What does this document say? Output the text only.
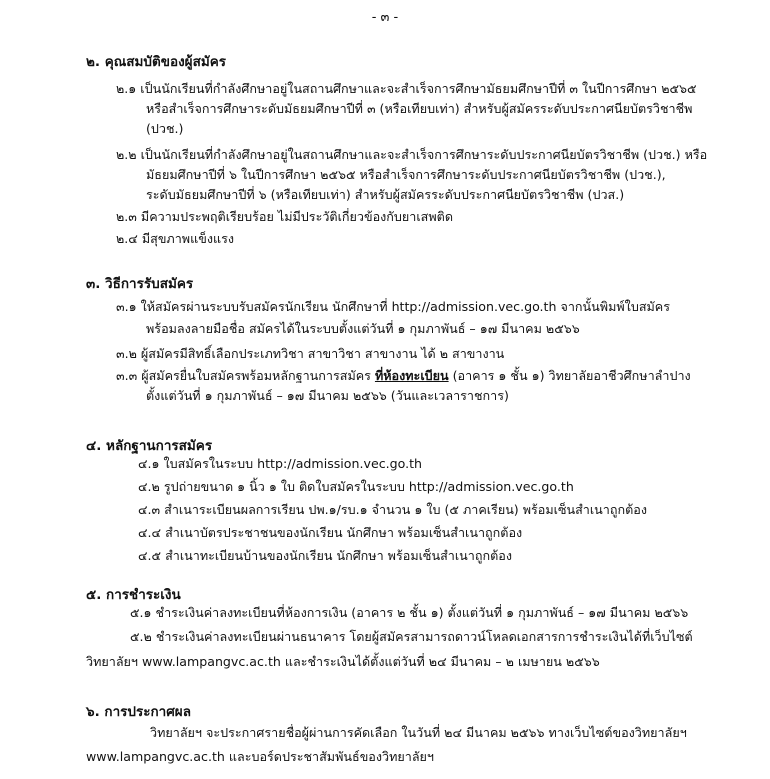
- ๓ -
๒. คุณสมบัติของผู้สมัคร
๒.๑ เป็นนักเรียนที่กำลังศึกษาอยู่ในสถานศึกษาและจะสำเร็จการศึกษามัธยมศึกษาปีที่ ๓ ในปีการศึกษา ๒๕๖๕
หรือสำเร็จการศึกษาระดับมัธยมศึกษาปีที่ ๓ (หรือเทียบเท่า) สำหรับผู้สมัครระดับประกาศนียบัตรวิชาชีพ
(ปวช.)
๒.๒ เป็นนักเรียนที่กำลังศึกษาอยู่ในสถานศึกษาและจะสำเร็จการศึกษาระดับประกาศนียบัตรวิชาชีพ (ปวช.) หรือ
มัธยมศึกษาปีที่ ๖ ในปีการศึกษา ๒๕๖๕ หรือสำเร็จการศึกษาระดับประกาศนียบัตรวิชาชีพ (ปวช.),
ระดับมัธยมศึกษาปีที่ ๖ (หรือเทียบเท่า) สำหรับผู้สมัครระดับประกาศนียบัตรวิชาชีพ (ปวส.)
๒.๓ มีความประพฤติเรียบร้อย ไม่มีประวัติเกี่ยวข้องกับยาเสพติด
๒.๔ มีสุขภาพแข็งแรง
๓. วิธีการรับสมัคร
๓.๑ ให้สมัครผ่านระบบรับสมัครนักเรียน นักศึกษาที่ http://admission.vec.go.th จากนั้นพิมพ์ใบสมัคร
พร้อมลงลายมือชื่อ สมัครได้ในระบบตั้งแต่วันที่ ๑ กุมภาพันธ์ – ๑๗ มีนาคม ๒๕๖๖
๓.๒ ผู้สมัครมีสิทธิ์เลือกประเภทวิชา สาขาวิชา สาขางาน ได้ ๒ สาขางาน
๓.๓ ผู้สมัครยื่นใบสมัครพร้อมหลักฐานการสมัคร ที่ห้องทะเบียน (อาคาร ๑ ชั้น ๑) วิทยาลัยอาชีวศึกษาลำปาง
ตั้งแต่วันที่ ๑ กุมภาพันธ์ – ๑๗ มีนาคม ๒๕๖๖ (วันและเวลาราชการ)
๔. หลักฐานการสมัคร
๔.๑ ใบสมัครในระบบ http://admission.vec.go.th
๔.๒ รูปถ่ายขนาด ๑ นิ้ว ๑ ใบ ติดใบสมัครในระบบ http://admission.vec.go.th
๔.๓ สำเนาระเบียนผลการเรียน ปพ.๑/รบ.๑ จำนวน ๑ ใบ (๕ ภาคเรียน) พร้อมเซ็นสำเนาถูกต้อง
๔.๔ สำเนาบัตรประชาชนของนักเรียน นักศึกษา พร้อมเซ็นสำเนาถูกต้อง
๔.๕ สำเนาทะเบียนบ้านของนักเรียน นักศึกษา พร้อมเซ็นสำเนาถูกต้อง
๕. การชำระเงิน
๕.๑ ชำระเงินค่าลงทะเบียนที่ห้องการเงิน (อาคาร ๒ ชั้น ๑) ตั้งแต่วันที่ ๑ กุมภาพันธ์ – ๑๗ มีนาคม ๒๕๖๖
๕.๒ ชำระเงินค่าลงทะเบียนผ่านธนาคาร โดยผู้สมัครสามารถดาวน์โหลดเอกสารการชำระเงินได้ที่เว็บไซต์
วิทยาลัยฯ www.lampangvc.ac.th และชำระเงินได้ตั้งแต่วันที่ ๒๔ มีนาคม – ๒ เมษายน ๒๕๖๖
๖. การประกาศผล
วิทยาลัยฯ จะประกาศรายชื่อผู้ผ่านการคัดเลือก ในวันที่ ๒๔ มีนาคม ๒๕๖๖ ทางเว็บไซต์ของวิทยาลัยฯ
www.lampangvc.ac.th และบอร์ดประชาสัมพันธ์ของวิทยาลัยฯ
